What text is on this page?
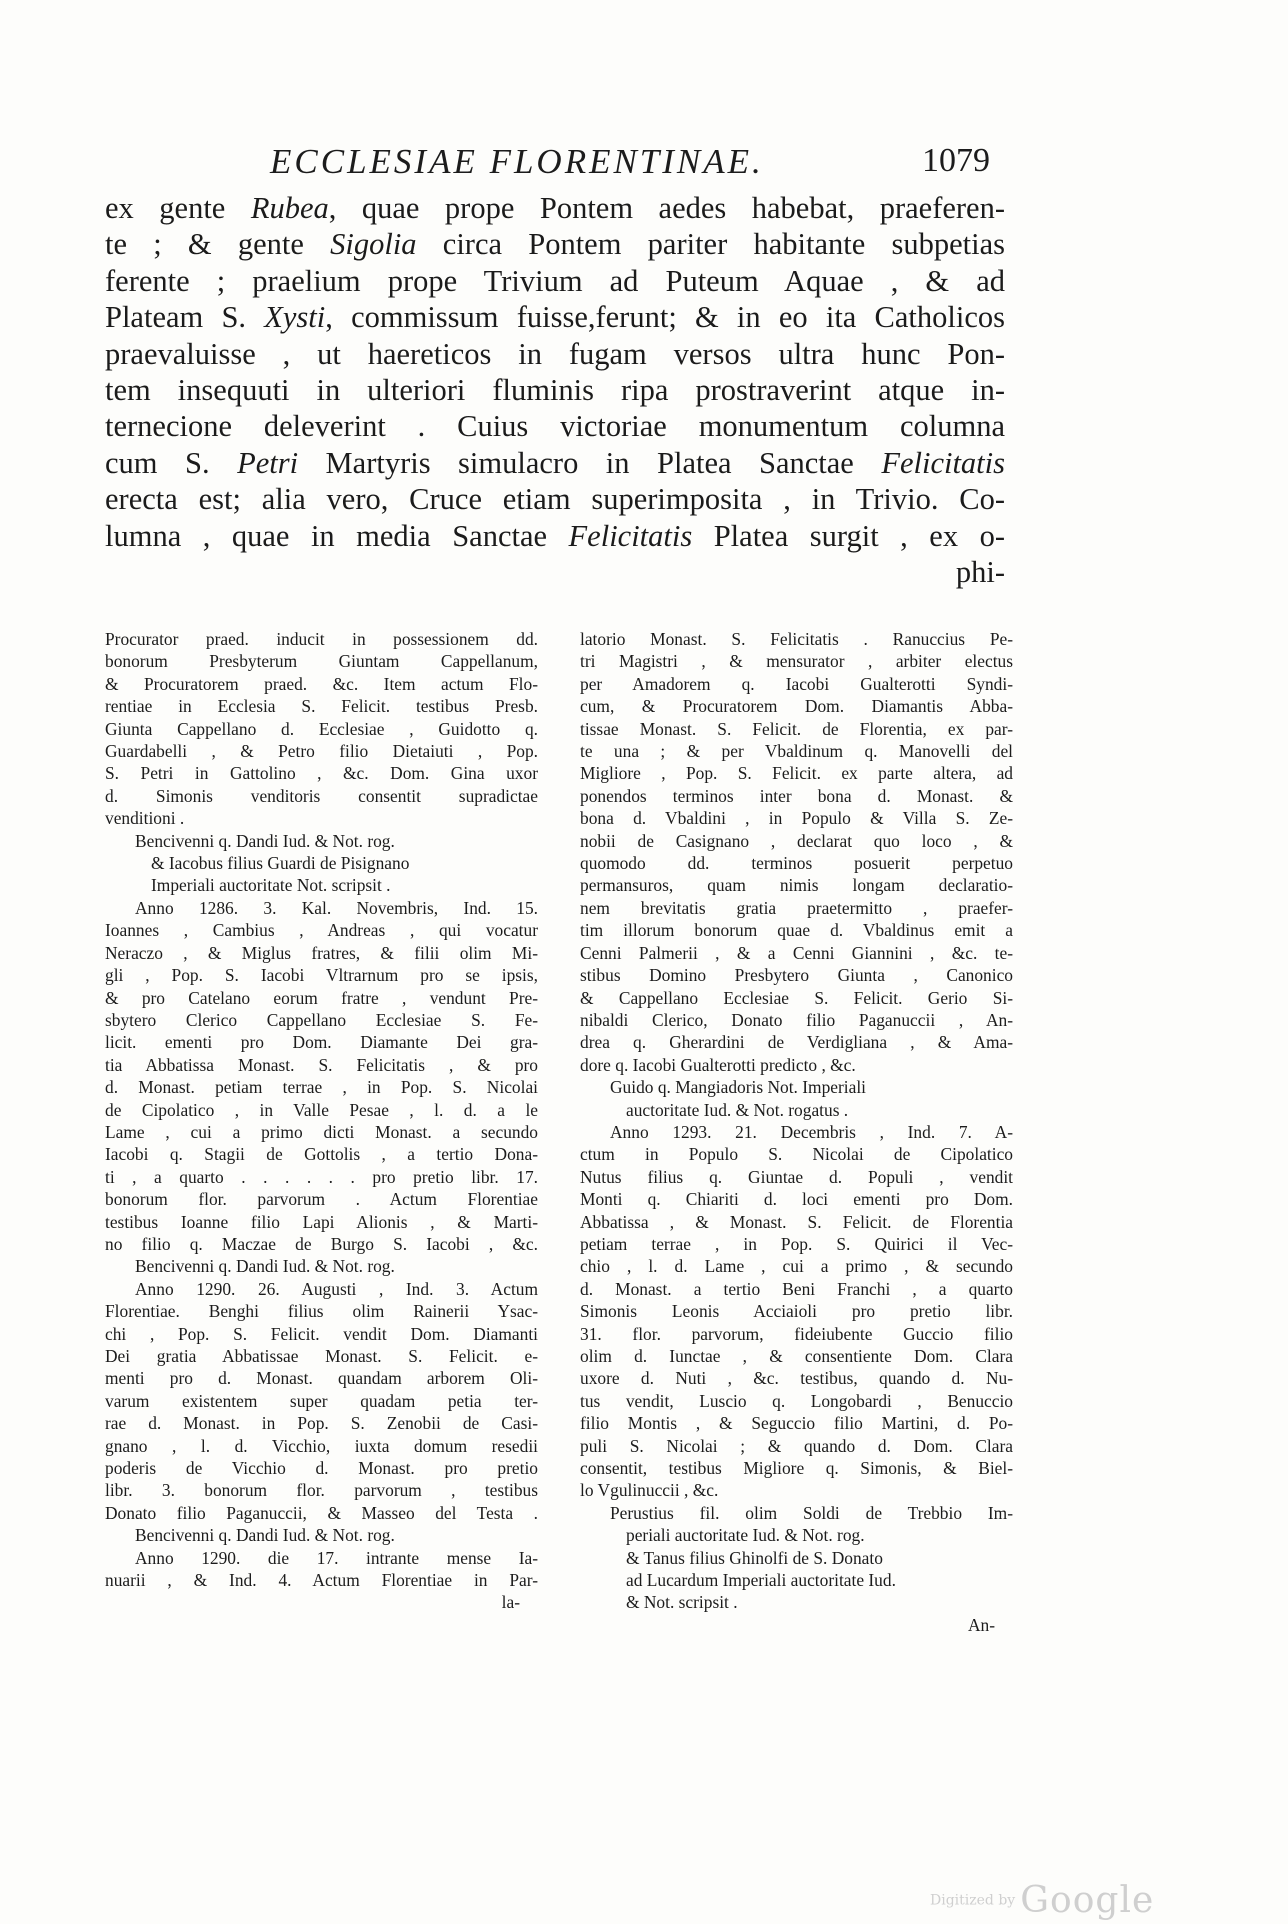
ECCLESIAE FLORENTINAE.	1079
ex gente Rubea, quae prope Pontem aedes habebat, praeferen-
te ; & gente Sigolia circa Pontem pariter habitante subpetias
ferente ; praelium prope Trivium ad Puteum Aquae , & ad
Plateam S. Xysti, commissum fuisse,ferunt; & in eo ita Catholicos
praevaluisse , ut haereticos in fugam versos ultra hunc Pon-
tem insequuti in ulteriori fluminis ripa prostraverint atque in-
ternecione deleverint . Cuius victoriae monumentum columna
cum S. Petri Martyris simulacro in Platea Sanctae Felicitatis
erecta est; alia vero, Cruce etiam superimposita , in Trivio. Co-
lumna , quae in media Sanctae Felicitatis Platea surgit , ex o-
phi-
Procurator praed. inducit in possessionem dd.
bonorum Presbyterum Giuntam Cappellanum,
& Procuratorem praed. &c. Item actum Flo-
rentiae in Ecclesia S. Felicit. testibus Presb.
Giunta Cappellano d. Ecclesiae , Guidotto q.
Guardabelli , & Petro filio Dietaiuti , Pop.
S. Petri in Gattolino , &c. Dom. Gina uxor
d. Simonis venditoris consentit supradictae
venditioni .
Bencivenni q. Dandi Iud. & Not. rog.
& Iacobus filius Guardi de Pisignano
Imperiali auctoritate Not. scripsit .
Anno 1286. 3. Kal. Novembris, Ind. 15.
Ioannes , Cambius , Andreas , qui vocatur
Neraczo , & Miglus fratres, & filii olim Mi-
gli , Pop. S. Iacobi Vltrarnum pro se ipsis,
& pro Catelano eorum fratre , vendunt Pre-
sbytero Clerico Cappellano Ecclesiae S. Fe-
licit. ementi pro Dom. Diamante Dei gra-
tia Abbatissa Monast. S. Felicitatis , & pro
d. Monast. petiam terrae , in Pop. S. Nicolai
de Cipolatico , in Valle Pesae , l. d. a le
Lame , cui a primo dicti Monast. a secundo
Iacobi q. Stagii de Gottolis , a tertio Dona-
ti , a quarto . . . . . . pro pretio libr. 17.
bonorum flor. parvorum . Actum Florentiae
testibus Ioanne filio Lapi Alionis , & Marti-
no filio q. Maczae de Burgo S. Iacobi , &c.
Bencivenni q. Dandi Iud. & Not. rog.
Anno 1290. 26. Augusti , Ind. 3. Actum
Florentiae. Benghi filius olim Rainerii Ysac-
chi , Pop. S. Felicit. vendit Dom. Diamanti
Dei gratia Abbatissae Monast. S. Felicit. e-
menti pro d. Monast. quandam arborem Oli-
varum existentem super quadam petia ter-
rae d. Monast. in Pop. S. Zenobii de Casi-
gnano , l. d. Vicchio, iuxta domum resedii
poderis de Vicchio d. Monast. pro pretio
libr. 3. bonorum flor. parvorum , testibus
Donato filio Paganuccii, & Masseo del Testa .
Bencivenni q. Dandi Iud. & Not. rog.
Anno 1290. die 17. intrante mense Ia-
nuarii , & Ind. 4. Actum Florentiae in Par-
la-
latorio Monast. S. Felicitatis . Ranuccius Pe-
tri Magistri , & mensurator , arbiter electus
per Amadorem q. Iacobi Gualterotti Syndi-
cum, & Procuratorem Dom. Diamantis Abba-
tissae Monast. S. Felicit. de Florentia, ex par-
te una ; & per Vbaldinum q. Manovelli del
Migliore , Pop. S. Felicit. ex parte altera, ad
ponendos terminos inter bona d. Monast. &
bona d. Vbaldini , in Populo & Villa S. Ze-
nobii de Casignano , declarat quo loco , &
quomodo dd. terminos posuerit perpetuo
permansuros, quam nimis longam declaratio-
nem brevitatis gratia praetermitto , praefer-
tim illorum bonorum quae d. Vbaldinus emit a
Cenni Palmerii , & a Cenni Giannini , &c. te-
stibus Domino Presbytero Giunta , Canonico
& Cappellano Ecclesiae S. Felicit. Gerio Si-
nibaldi Clerico, Donato filio Paganuccii , An-
drea q. Gherardini de Verdigliana , & Ama-
dore q. Iacobi Gualterotti predicto , &c.
Guido q. Mangiadoris Not. Imperiali
auctoritate Iud. & Not. rogatus .
Anno 1293. 21. Decembris , Ind. 7. A-
ctum in Populo S. Nicolai de Cipolatico
Nutus filius q. Giuntae d. Populi , vendit
Monti q. Chiariti d. loci ementi pro Dom.
Abbatissa , & Monast. S. Felicit. de Florentia
petiam terrae , in Pop. S. Quirici il Vec-
chio , l. d. Lame , cui a primo , & secundo
d. Monast. a tertio Beni Franchi , a quarto
Simonis Leonis Acciaioli pro pretio libr.
31. flor. parvorum, fideiubente Guccio filio
olim d. Iunctae , & consentiente Dom. Clara
uxore d. Nuti , &c. testibus, quando d. Nu-
tus vendit, Luscio q. Longobardi , Benuccio
filio Montis , & Seguccio filio Martini, d. Po-
puli S. Nicolai ; & quando d. Dom. Clara
consentit, testibus Migliore q. Simonis, & Biel-
lo Vgulinuccii , &c.
Perustius fil. olim Soldi de Trebbio Im-
periali auctoritate Iud. & Not. rog.
& Tanus filius Ghinolfi de S. Donato
ad Lucardum Imperiali auctoritate Iud.
& Not. scripsit .
An-
Digitized by Google
